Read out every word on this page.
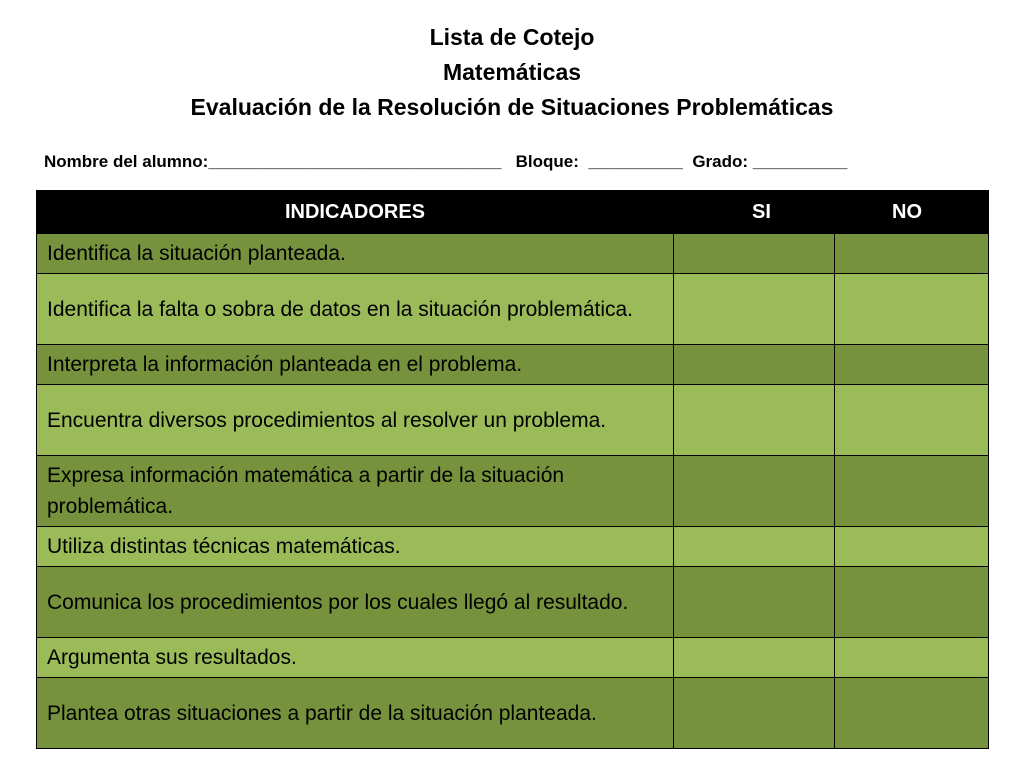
Lista de Cotejo
Matemáticas
Evaluación de la Resolución de Situaciones Problemáticas
Nombre del alumno:_______________________________   Bloque:  __________  Grado: __________
INDICADORES	SI	NO
Identifica la situación planteada.		
Identifica la falta o sobra de datos en la situación problemática.		
Interpreta la información planteada en el problema.		
Encuentra diversos procedimientos al resolver un problema.		
Expresa información matemática a partir de la situación problemática.		
Utiliza distintas técnicas matemáticas.		
Comunica los procedimientos por los cuales llegó al resultado.		
Argumenta sus resultados.		
Plantea otras situaciones a partir de la situación planteada.		
